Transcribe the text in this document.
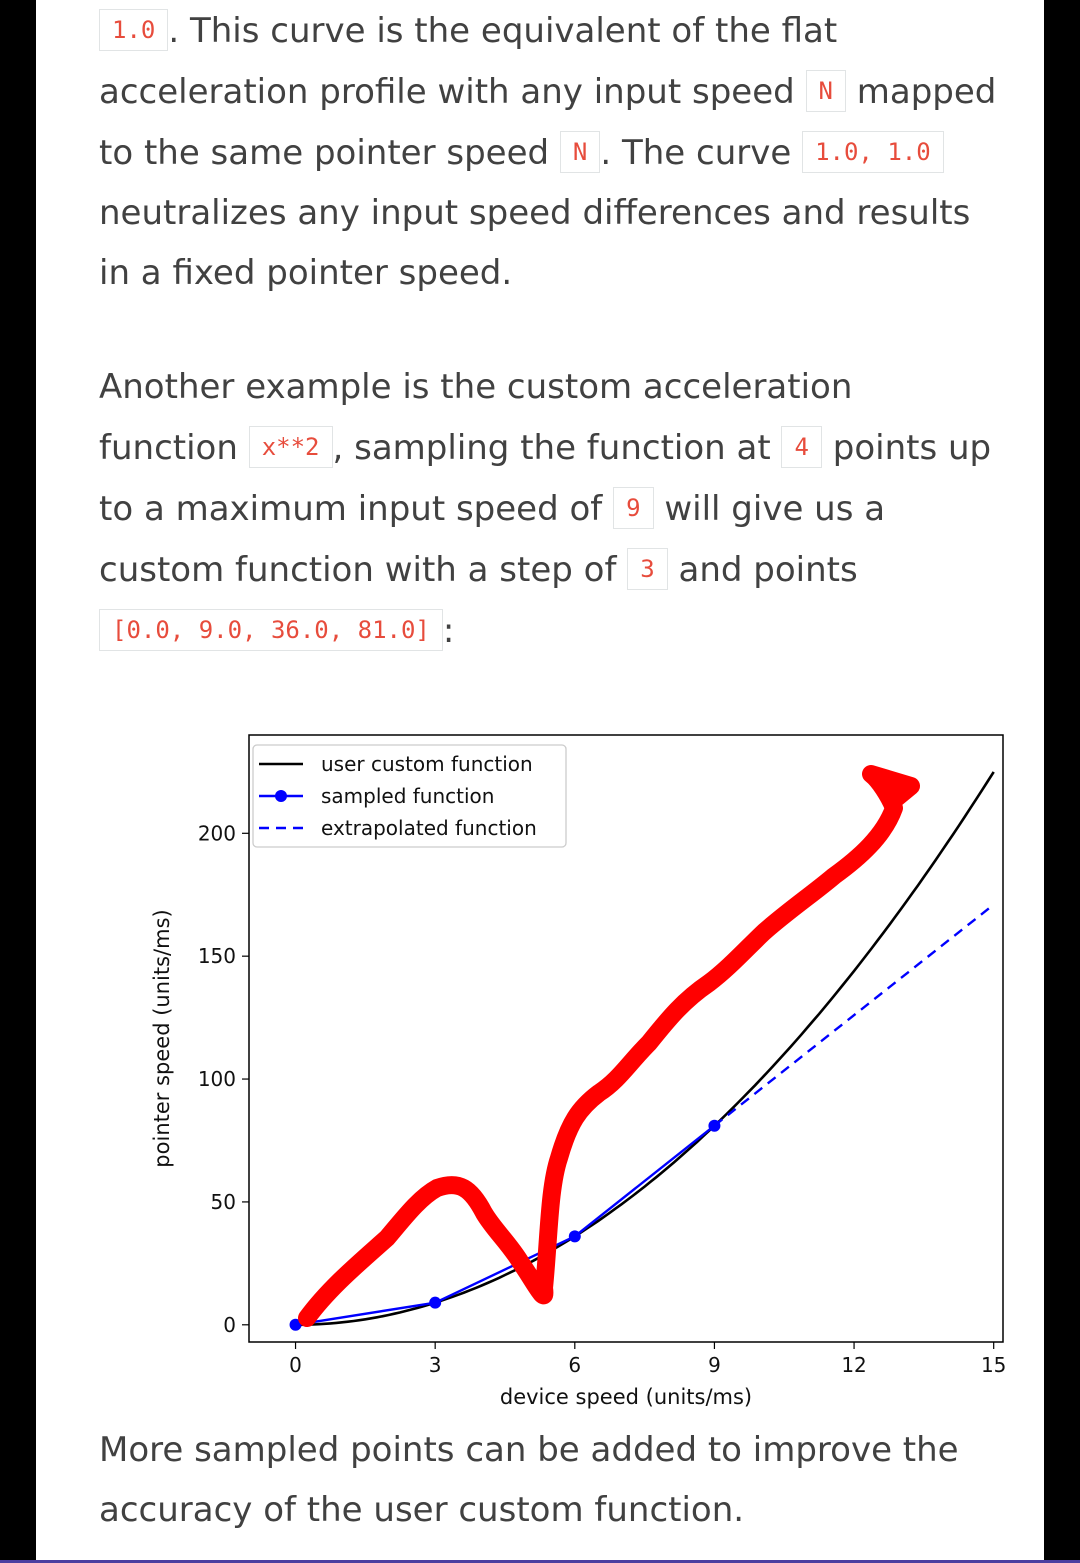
1.0 . This curve is the equivalent of the flat acceleration profile with any input speed N mapped to the same pointer speed N . The curve 1.0, 1.0 neutralizes any input speed differences and results in a fixed pointer speed.

Another example is the custom acceleration function x**2 , sampling the function at 4 points up to a maximum input speed of 9 will give us a custom function with a step of 3 and points
[0.0, 9.0, 36.0, 81.0] :

0	3	6	9	12	15
0
50
100
150
200
user custom function
sampled function
extrapolated function
device speed (units/ms)
pointer speed (units/ms)

More sampled points can be added to improve the accuracy of the user custom function.
